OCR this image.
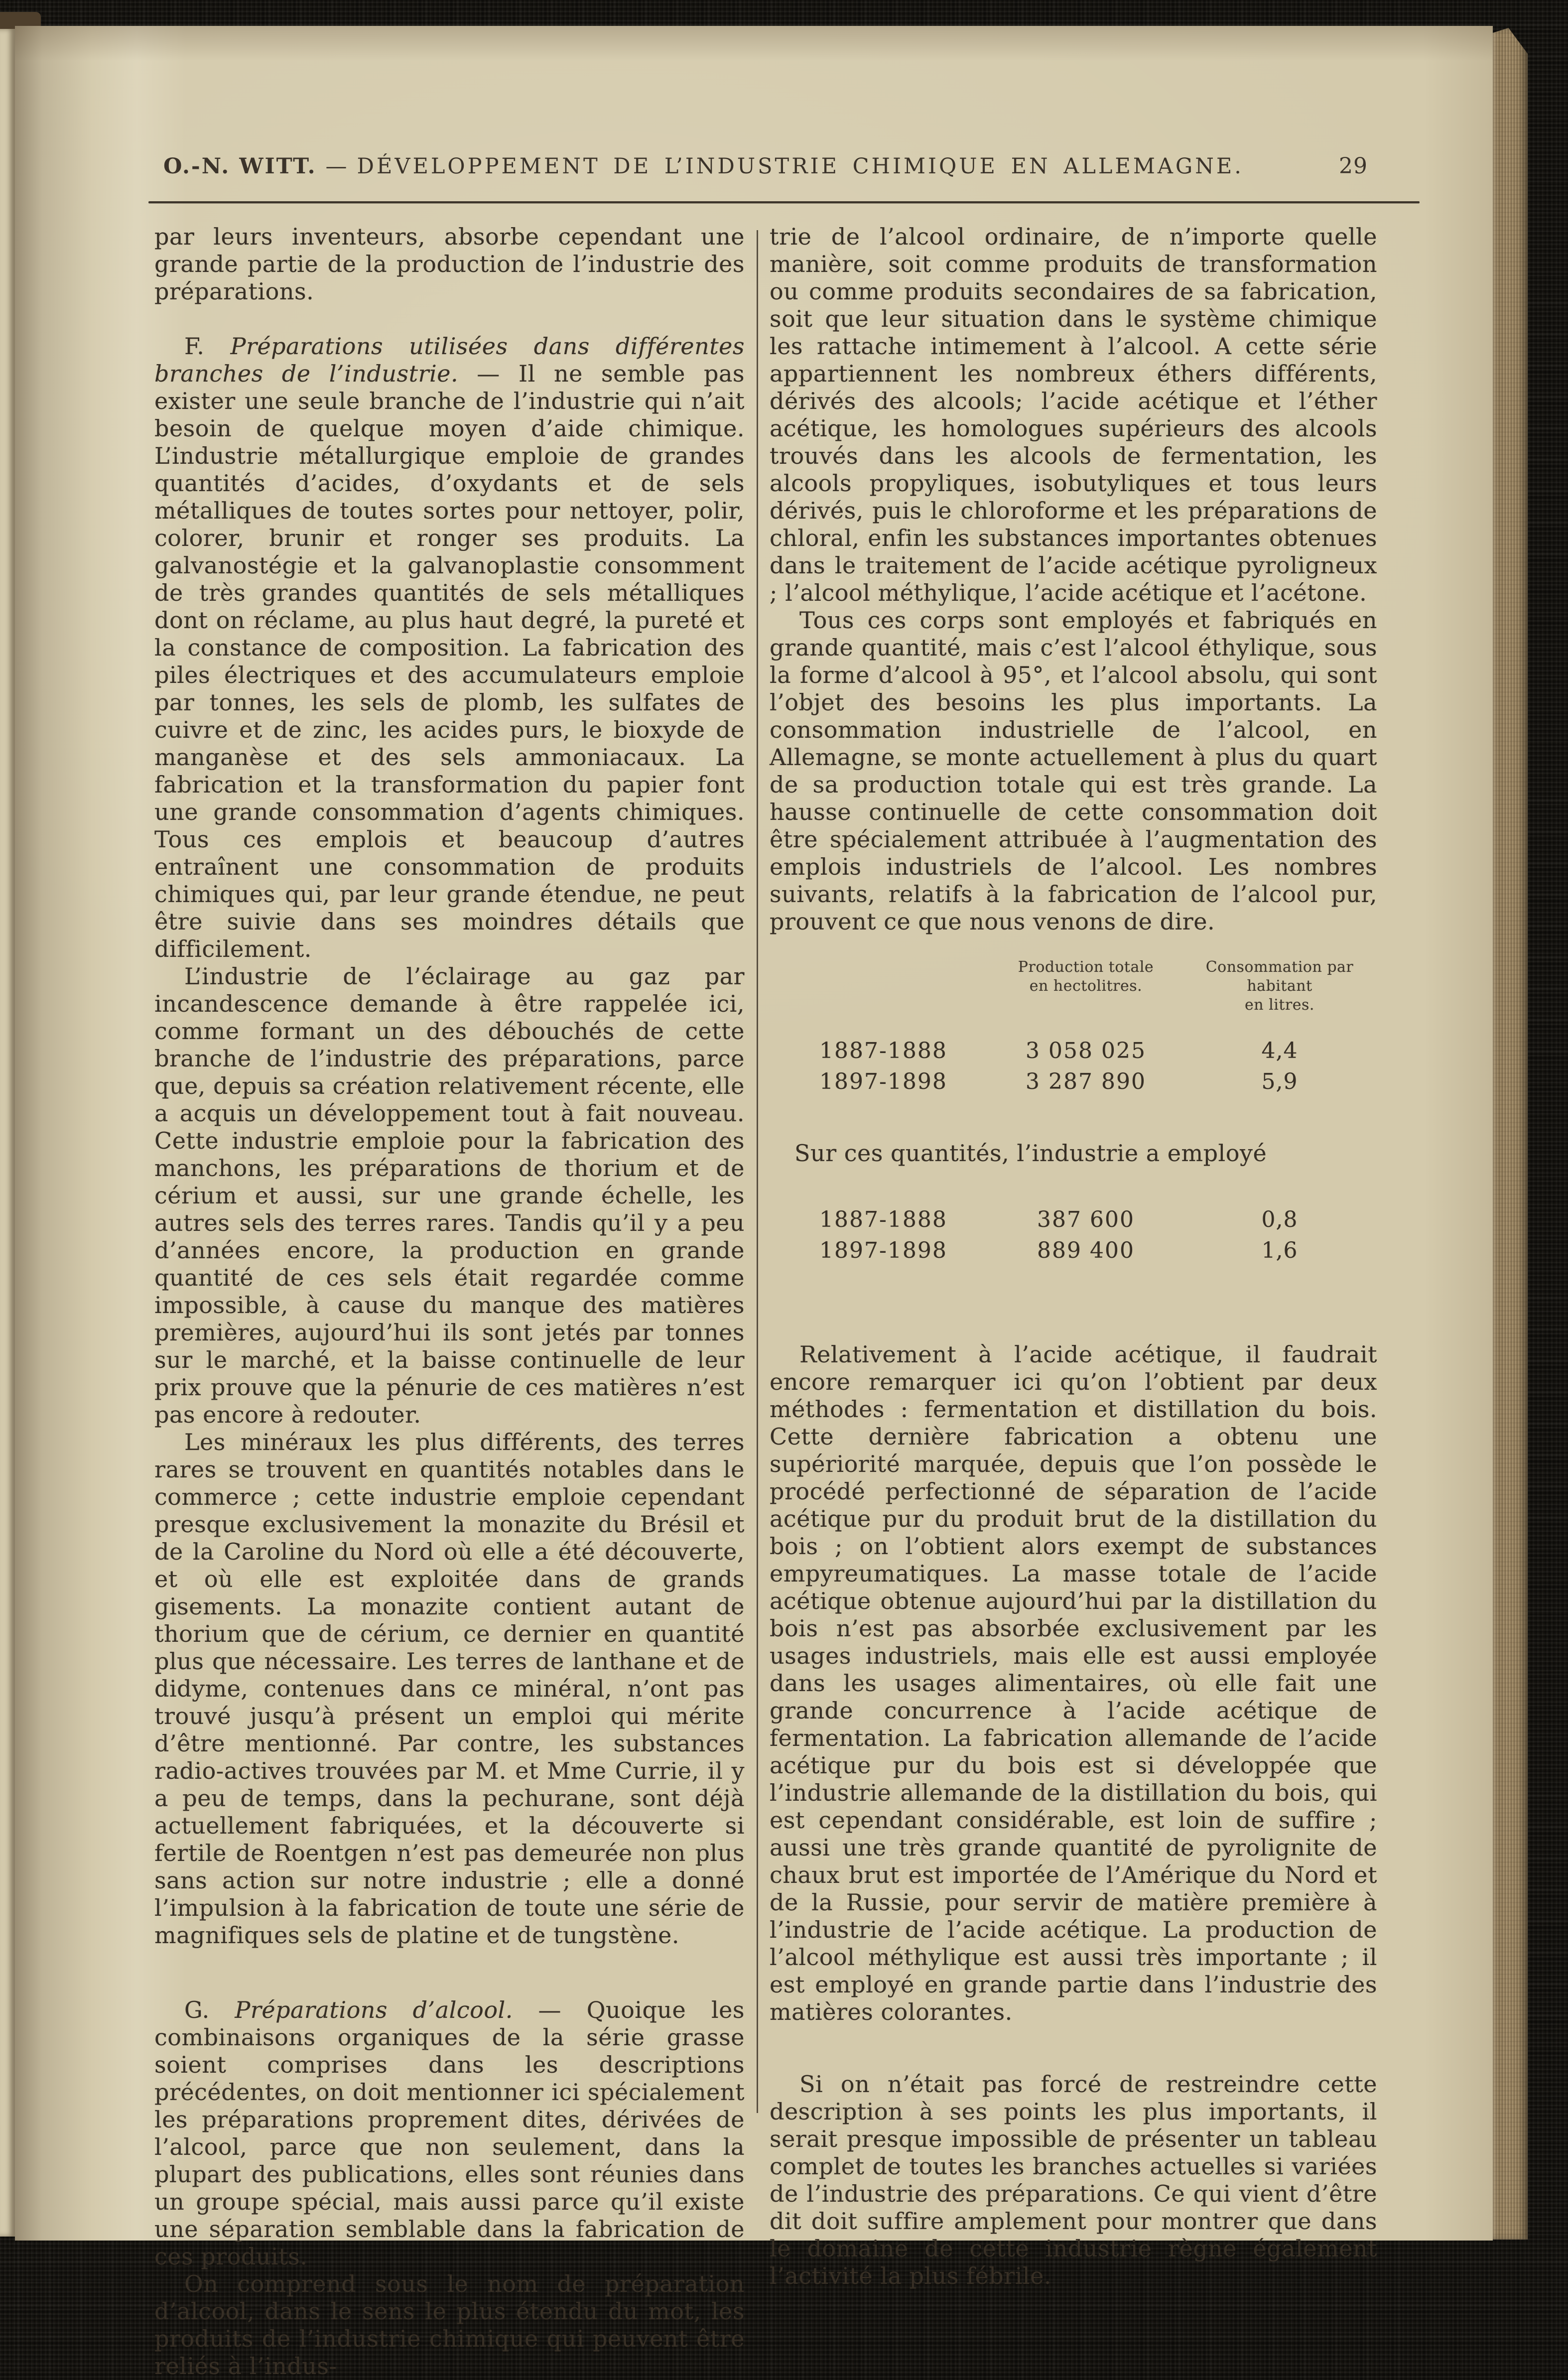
O.-N. WITT. — DÉVELOPPEMENT DE L’INDUSTRIE CHIMIQUE EN ALLEMAGNE.	29

par leurs inventeurs, absorbe cependant une grande partie de la production de l’industrie des préparations.

F. Préparations utilisées dans différentes branches de l’industrie. — Il ne semble pas exister une seule branche de l’industrie qui n’ait besoin de quelque moyen d’aide chimique. L’industrie métallurgique emploie de grandes quantités d’acides, d’oxydants et de sels métalliques de toutes sortes pour nettoyer, polir, colorer, brunir et ronger ses produits. La galvanostégie et la galvanoplastie consomment de très grandes quantités de sels métalliques dont on réclame, au plus haut degré, la pureté et la constance de composition. La fabrication des piles électriques et des accumulateurs emploie par tonnes, les sels de plomb, les sulfates de cuivre et de zinc, les acides purs, le bioxyde de manganèse et des sels ammoniacaux. La fabrication et la transformation du papier font une grande consommation d’agents chimiques. Tous ces emplois et beaucoup d’autres entraînent une consommation de produits chimiques qui, par leur grande étendue, ne peut être suivie dans ses moindres détails que difficilement.

L’industrie de l’éclairage au gaz par incandescence demande à être rappelée ici, comme formant un des débouchés de cette branche de l’industrie des préparations, parce que, depuis sa création relativement récente, elle a acquis un développement tout à fait nouveau. Cette industrie emploie pour la fabrication des manchons, les préparations de thorium et de cérium et aussi, sur une grande échelle, les autres sels des terres rares. Tandis qu’il y a peu d’années encore, la production en grande quantité de ces sels était regardée comme impossible, à cause du manque des matières premières, aujourd’hui ils sont jetés par tonnes sur le marché, et la baisse continuelle de leur prix prouve que la pénurie de ces matières n’est pas encore à redouter.

Les minéraux les plus différents, des terres rares se trouvent en quantités notables dans le commerce ; cette industrie emploie cependant presque exclusivement la monazite du Brésil et de la Caroline du Nord où elle a été découverte, et où elle est exploitée dans de grands gisements. La monazite contient autant de thorium que de cérium, ce dernier en quantité plus que nécessaire. Les terres de lanthane et de didyme, contenues dans ce minéral, n’ont pas trouvé jusqu’à présent un emploi qui mérite d’être mentionné. Par contre, les substances radio-actives trouvées par M. et Mme Currie, il y a peu de temps, dans la pechurane, sont déjà actuellement fabriquées, et la découverte si fertile de Roentgen n’est pas demeurée non plus sans action sur notre industrie ; elle a donné l’impulsion à la fabrication de toute une série de magnifiques sels de platine et de tungstène.

G. Préparations d’alcool. — Quoique les combinaisons organiques de la série grasse soient comprises dans les descriptions précédentes, on doit mentionner ici spécialement les préparations proprement dites, dérivées de l’alcool, parce que non seulement, dans la plupart des publications, elles sont réunies dans un groupe spécial, mais aussi parce qu’il existe une séparation semblable dans la fabrication de ces produits.

On comprend sous le nom de préparation d’alcool, dans le sens le plus étendu du mot, les produits de l’industrie chimique qui peuvent être reliés à l’indus-

trie de l’alcool ordinaire, de n’importe quelle manière, soit comme produits de transformation ou comme produits secondaires de sa fabrication, soit que leur situation dans le système chimique les rattache intimement à l’alcool. A cette série appartiennent les nombreux éthers différents, dérivés des alcools; l’acide acétique et l’éther acétique, les homologues supérieurs des alcools trouvés dans les alcools de fermentation, les alcools propyliques, isobutyliques et tous leurs dérivés, puis le chloroforme et les préparations de chloral, enfin les substances importantes obtenues dans le traitement de l’acide acétique pyroligneux ; l’alcool méthylique, l’acide acétique et l’acétone.

Tous ces corps sont employés et fabriqués en grande quantité, mais c’est l’alcool éthylique, sous la forme d’alcool à 95°, et l’alcool absolu, qui sont l’objet des besoins les plus importants. La consommation industrielle de l’alcool, en Allemagne, se monte actuellement à plus du quart de sa production totale qui est très grande. La hausse continuelle de cette consommation doit être spécialement attribuée à l’augmentation des emplois industriels de l’alcool. Les nombres suivants, relatifs à la fabrication de l’alcool pur, prouvent ce que nous venons de dire.

Production totale
en hectolitres.
Consommation par habitant
en litres.
1887-1888	3 058 025	4,4
1897-1898	3 287 890	5,9

Sur ces quantités, l’industrie a employé

1887-1888	387 600	0,8
1897-1898	889 400	1,6

Relativement à l’acide acétique, il faudrait encore remarquer ici qu’on l’obtient par deux méthodes : fermentation et distillation du bois. Cette dernière fabrication a obtenu une supériorité marquée, depuis que l’on possède le procédé perfectionné de séparation de l’acide acétique pur du produit brut de la distillation du bois ; on l’obtient alors exempt de substances empyreumatiques. La masse totale de l’acide acétique obtenue aujourd’hui par la distillation du bois n’est pas absorbée exclusivement par les usages industriels, mais elle est aussi employée dans les usages alimentaires, où elle fait une grande concurrence à l’acide acétique de fermentation. La fabrication allemande de l’acide acétique pur du bois est si développée que l’industrie allemande de la distillation du bois, qui est cependant considérable, est loin de suffire ; aussi une très grande quantité de pyrolignite de chaux brut est importée de l’Amérique du Nord et de la Russie, pour servir de matière première à l’industrie de l’acide acétique. La production de l’alcool méthylique est aussi très importante ; il est employé en grande partie dans l’industrie des matières colorantes.

Si on n’était pas forcé de restreindre cette description à ses points les plus importants, il serait presque impossible de présenter un tableau complet de toutes les branches actuelles si variées de l’industrie des préparations. Ce qui vient d’être dit doit suffire amplement pour montrer que dans le domaine de cette industrie règne également l’activité la plus fébrile.
